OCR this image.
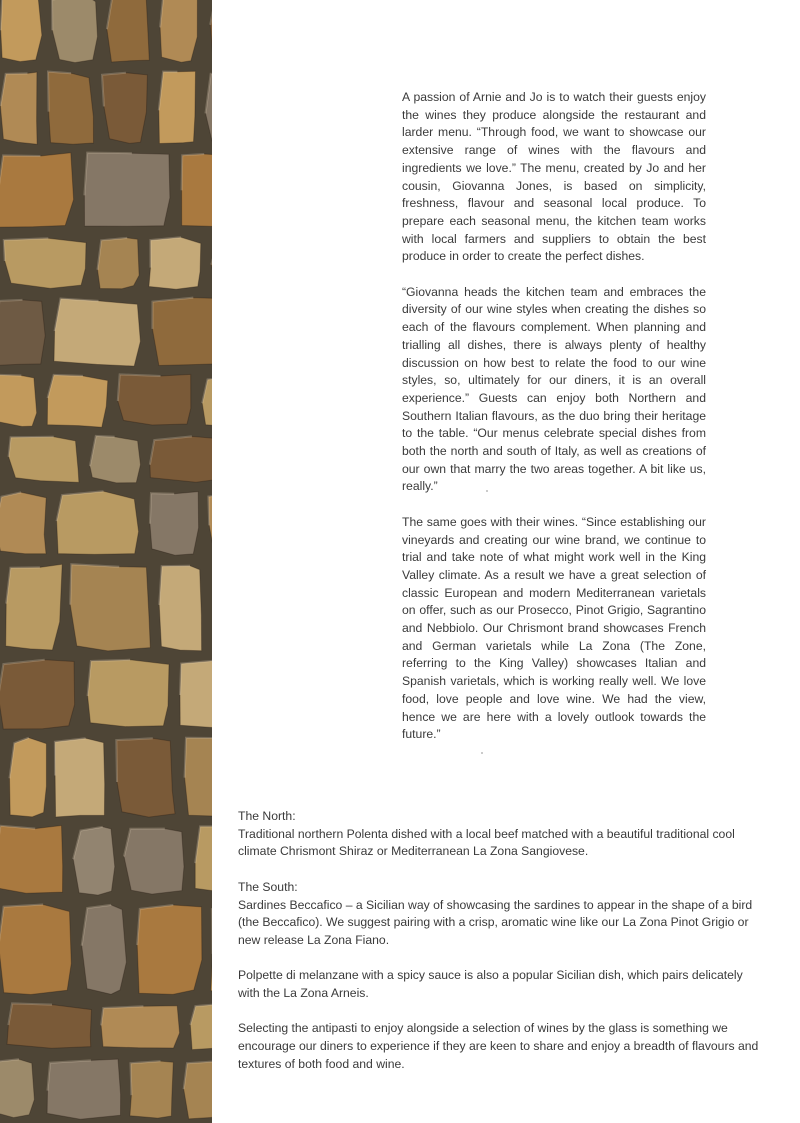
A passion of Arnie and Jo is to watch their guests enjoy the wines they produce alongside the restaurant and larder menu. “Through food, we want to showcase our extensive range of wines with the flavours and ingredients we love.” The menu, created by Jo and her cousin, Giovanna Jones, is based on simplicity, freshness, flavour and seasonal local produce. To prepare each seasonal menu, the kitchen team works with local farmers and suppliers to obtain the best produce in order to create the perfect dishes.

“Giovanna heads the kitchen team and embraces the diversity of our wine styles when creating the dishes so each of the flavours complement. When planning and trialling all dishes, there is always plenty of healthy discussion on how best to relate the food to our wine styles, so, ultimately for our diners, it is an overall experience.” Guests can enjoy both Northern and Southern Italian flavours, as the duo bring their heritage to the table. “Our menus celebrate special dishes from both the north and south of Italy, as well as creations of our own that marry the two areas together. A bit like us, really.”

The same goes with their wines. “Since establishing our vineyards and creating our wine brand, we continue to trial and take note of what might work well in the King Valley climate. As a result we have a great selection of classic European and modern Mediterranean varietals on offer, such as our Prosecco, Pinot Grigio, Sagrantino and Nebbiolo. Our Chrismont brand showcases French and German varietals while La Zona (The Zone, referring to the King Valley) showcases Italian and Spanish varietals, which is working really well. We love food, love people and love wine. We had the view, hence we are here with a lovely outlook towards the future.”

The North:

Traditional northern Polenta dished with a local beef matched with a beautiful traditional cool climate Chrismont Shiraz or Mediterranean La Zona Sangiovese.

The South:

Sardines Beccafico – a Sicilian way of showcasing the sardines to appear in the shape of a bird (the Beccafico). We suggest pairing with a crisp, aromatic wine like our La Zona Pinot Grigio or new release La Zona Fiano.

Polpette di melanzane with a spicy sauce is also a popular Sicilian dish, which pairs delicately with the La Zona Arneis.

Selecting the antipasti to enjoy alongside a selection of wines by the glass is something we encourage our diners to experience if they are keen to share and enjoy a breadth of flavours and textures of both food and wine.
